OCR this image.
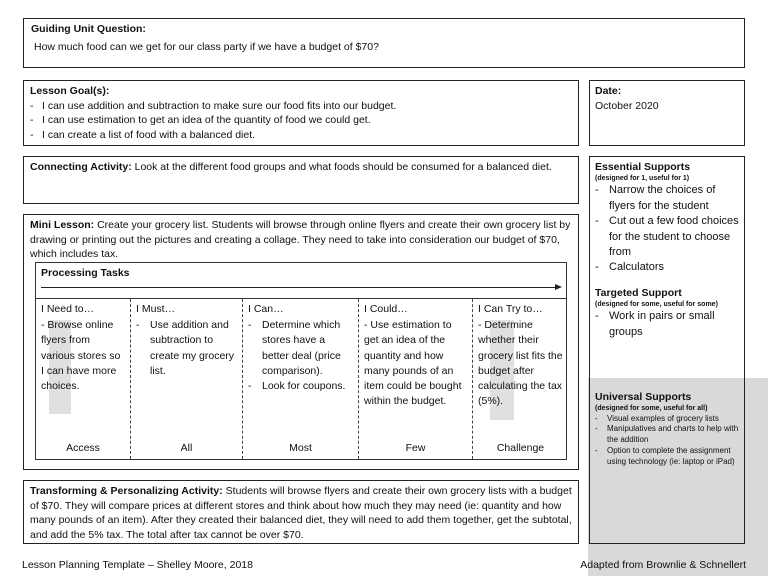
Guiding Unit Question:
How much food can we get for our class party if we have a budget of $70?
Lesson Goal(s):
- I can use addition and subtraction to make sure our food fits into our budget.
- I can use estimation to get an idea of the quantity of food we could get.
- I can create a list of food with a balanced diet.
Date:
October 2020
Connecting Activity: Look at the different food groups and what foods should be consumed for a balanced diet.
Mini Lesson: Create your grocery list. Students will browse through online flyers and create their own grocery list by drawing or printing out the pictures and creating a collage. They need to take into consideration our budget of $70, which includes tax.
Processing Tasks
I Need to…
- Browse online flyers from various stores so I can have more choices.
Access
I Must…
- Use addition and subtraction to create my grocery list.
All
I Can…
- Determine which stores have a better deal (price comparison).
- Look for coupons.
Most
I Could…
- Use estimation to get an idea of the quantity and how many pounds of an item could be bought within the budget.
Few
I Can Try to…
- Determine whether their grocery list fits the budget after calculating the tax (5%).
Challenge
Essential Supports
(designed for 1, useful for 1)
- Narrow the choices of flyers for the student
- Cut out a few food choices for the student to choose from
- Calculators
Targeted Support
(designed for some, useful for some)
- Work in pairs or small groups
Universal Supports
(designed for some, useful for all)
- Visual examples of grocery lists
- Manipulatives and charts to help with the addition
- Option to complete the assignment using technology (ie: laptop or iPad)
Transforming & Personalizing Activity: Students will browse flyers and create their own grocery lists with a budget of $70. They will compare prices at different stores and think about how much they may need (ie: quantity and how many pounds of an item). After they created their balanced diet, they will need to add them together, get the subtotal, and add the 5% tax. The total after tax cannot be over $70.
Lesson Planning Template – Shelley Moore, 2018	Adapted from Brownlie & Schnellert
